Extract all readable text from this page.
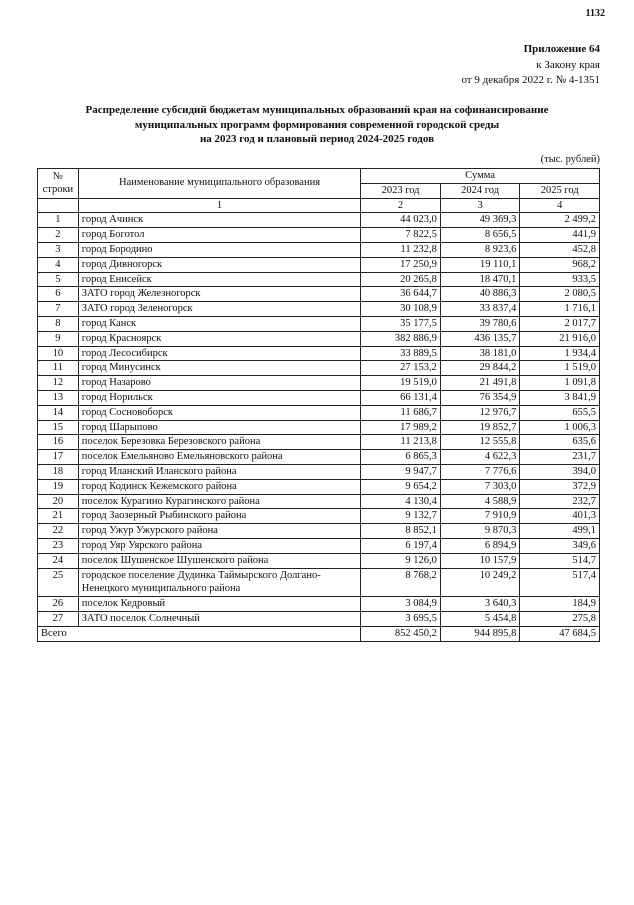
1132
Приложение 64
к Закону края
от 9 декабря 2022 г. № 4-1351
Распределение субсидий бюджетам муниципальных образований края на софинансирование
муниципальных программ формирования современной городской среды
на 2023 год и плановый период 2024-2025 годов
(тыс. рублей)
№ строки	Наименование муниципального образования	Сумма		
		2023 год	2024 год	2025 год
	1	2	3	4
1	город Ачинск	44 023,0	49 369,3	2 499,2
2	город Боготол	7 822,5	8 656,5	441,9
3	город Бородино	11 232,8	8 923,6	452,8
4	город Дивногорск	17 250,9	19 110,1	968,2
5	город Енисейск	20 265,8	18 470,1	933,5
6	ЗАТО город Железногорск	36 644,7	40 886,3	2 080,5
7	ЗАТО город Зеленогорск	30 108,9	33 837,4	1 716,1
8	город Канск	35 177,5	39 780,6	2 017,7
9	город Красноярск	382 886,9	436 135,7	21 916,0
10	город Лесосибирск	33 889,5	38 181,0	1 934,4
11	город Минусинск	27 153,2	29 844,2	1 519,0
12	город Назарово	19 519,0	21 491,8	1 091,8
13	город Норильск	66 131,4	76 354,9	3 841,9
14	город Сосновоборск	11 686,7	12 976,7	655,5
15	город Шарыпово	17 989,2	19 852,7	1 006,3
16	поселок Березовка Березовского района	11 213,8	12 555,8	635,6
17	поселок Емельяново Емельяновского района	6 865,3	4 622,3	231,7
18	город Иланский Иланского района	9 947,7	7 776,6	394,0
19	город Кодинск Кежемского района	9 654,2	7 303,0	372,9
20	поселок Курагино Курагинского района	4 130,4	4 588,9	232,7
21	город Заозерный Рыбинского района	9 132,7	7 910,9	401,3
22	город Ужур Ужурского района	8 852,1	9 870,3	499,1
23	город Уяр Уярского района	6 197,4	6 894,9	349,6
24	поселок Шушенское Шушенского района	9 126,0	10 157,9	514,7
25	городское поселение Дудинка Таймырского Долгано-Ненецкого муниципального района	8 768,2	10 249,2	517,4
26	поселок Кедровый	3 084,9	3 640,3	184,9
27	ЗАТО поселок Солнечный	3 695,5	5 454,8	275,8
Всего		852 450,2	944 895,8	47 684,5
